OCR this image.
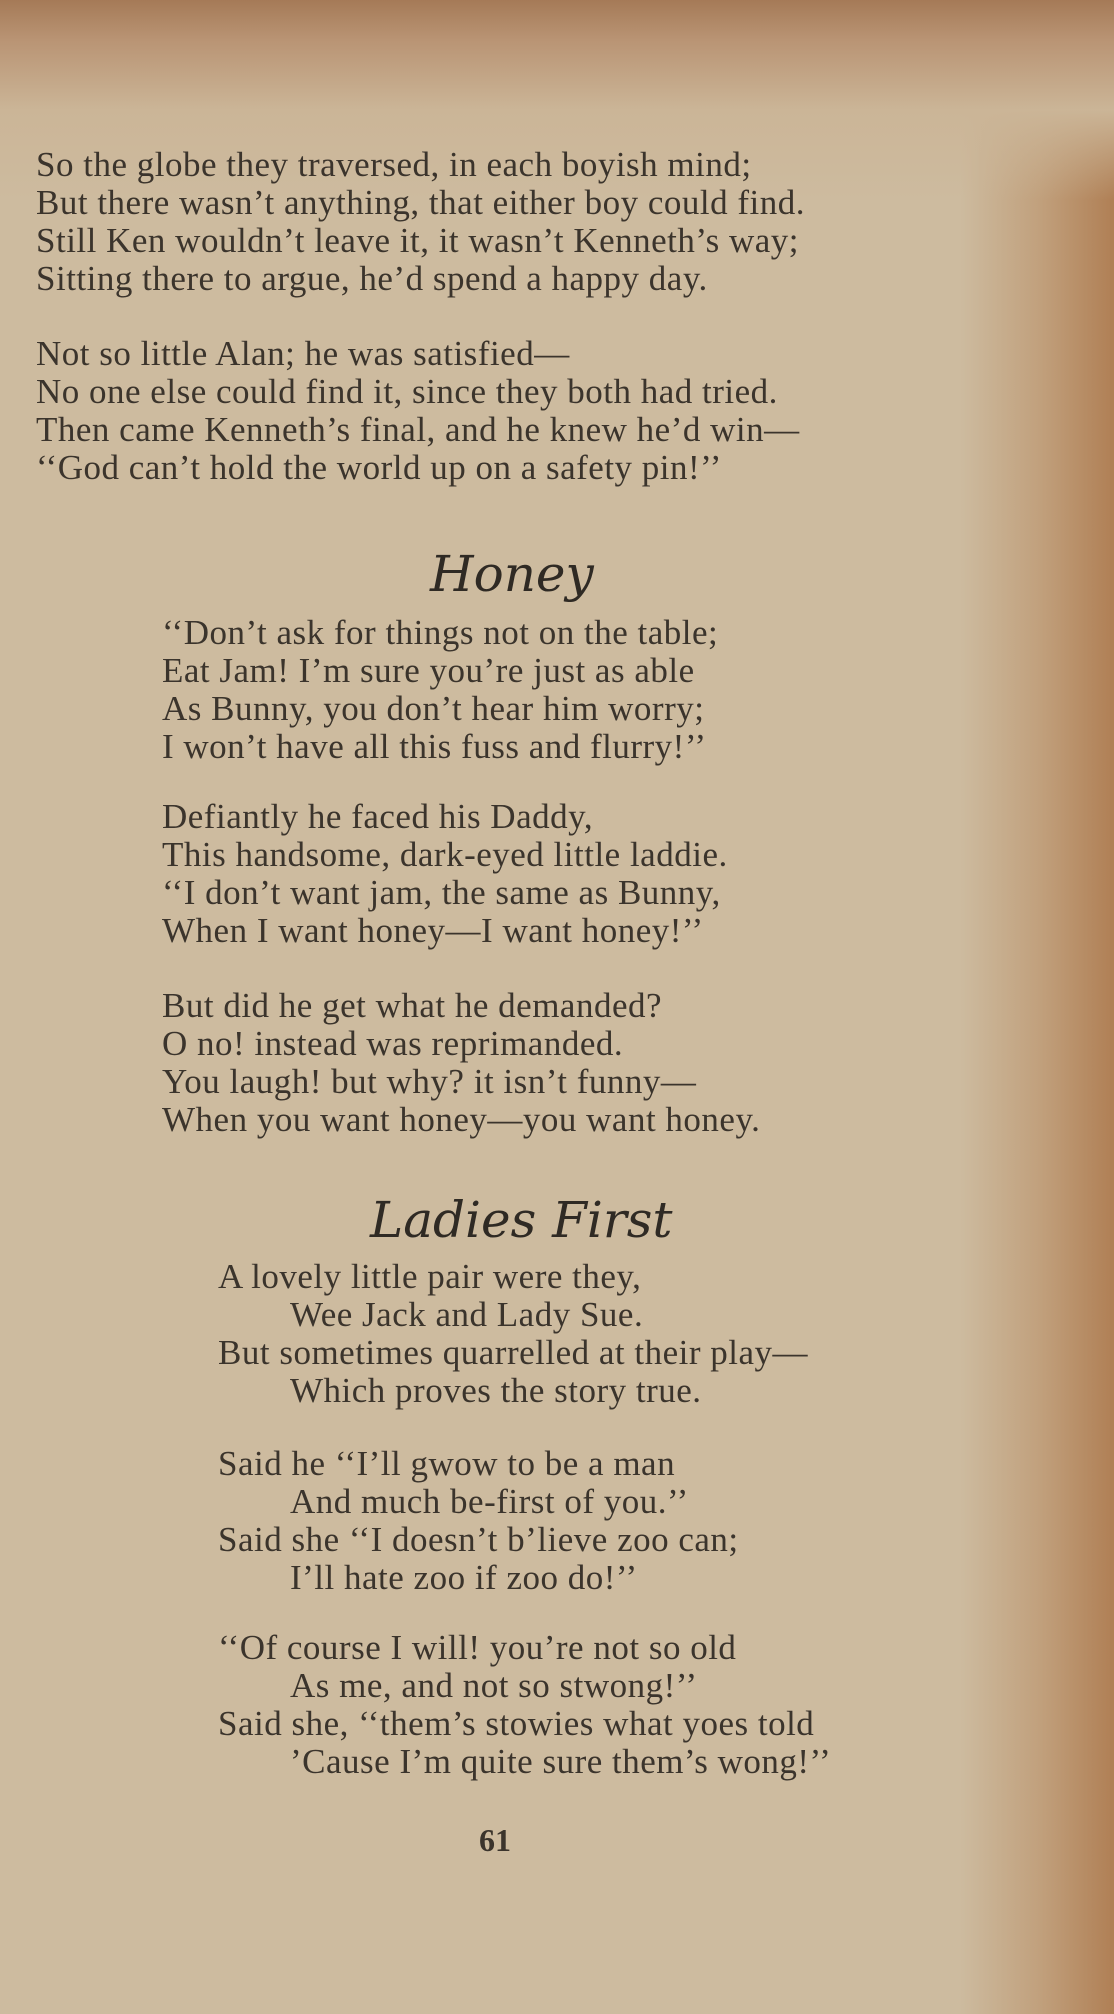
So the globe they traversed, in each boyish mind;
But there wasn’t anything, that either boy could find.
Still Ken wouldn’t leave it, it wasn’t Kenneth’s way;
Sitting there to argue, he’d spend a happy day.
Not so little Alan; he was satisfied—
No one else could find it, since they both had tried.
Then came Kenneth’s final, and he knew he’d win—
‘‘God can’t hold the world up on a safety pin!’’
Honey
‘‘Don’t ask for things not on the table;
Eat Jam! I’m sure you’re just as able
As Bunny, you don’t hear him worry;
I won’t have all this fuss and flurry!’’
Defiantly he faced his Daddy,
This handsome, dark-eyed little laddie.
‘‘I don’t want jam, the same as Bunny,
When I want honey—I want honey!’’
But did he get what he demanded?
O no! instead was reprimanded.
You laugh! but why? it isn’t funny—
When you want honey—you want honey.
Ladies First
A lovely little pair were they,
Wee Jack and Lady Sue.
But sometimes quarrelled at their play—
Which proves the story true.
Said he ‘‘I’ll gwow to be a man
And much be-first of you.’’
Said she ‘‘I doesn’t b’lieve zoo can;
I’ll hate zoo if zoo do!’’
‘‘Of course I will! you’re not so old
As me, and not so stwong!’’
Said she, ‘‘them’s stowies what yoes told
’Cause I’m quite sure them’s wong!’’
61
